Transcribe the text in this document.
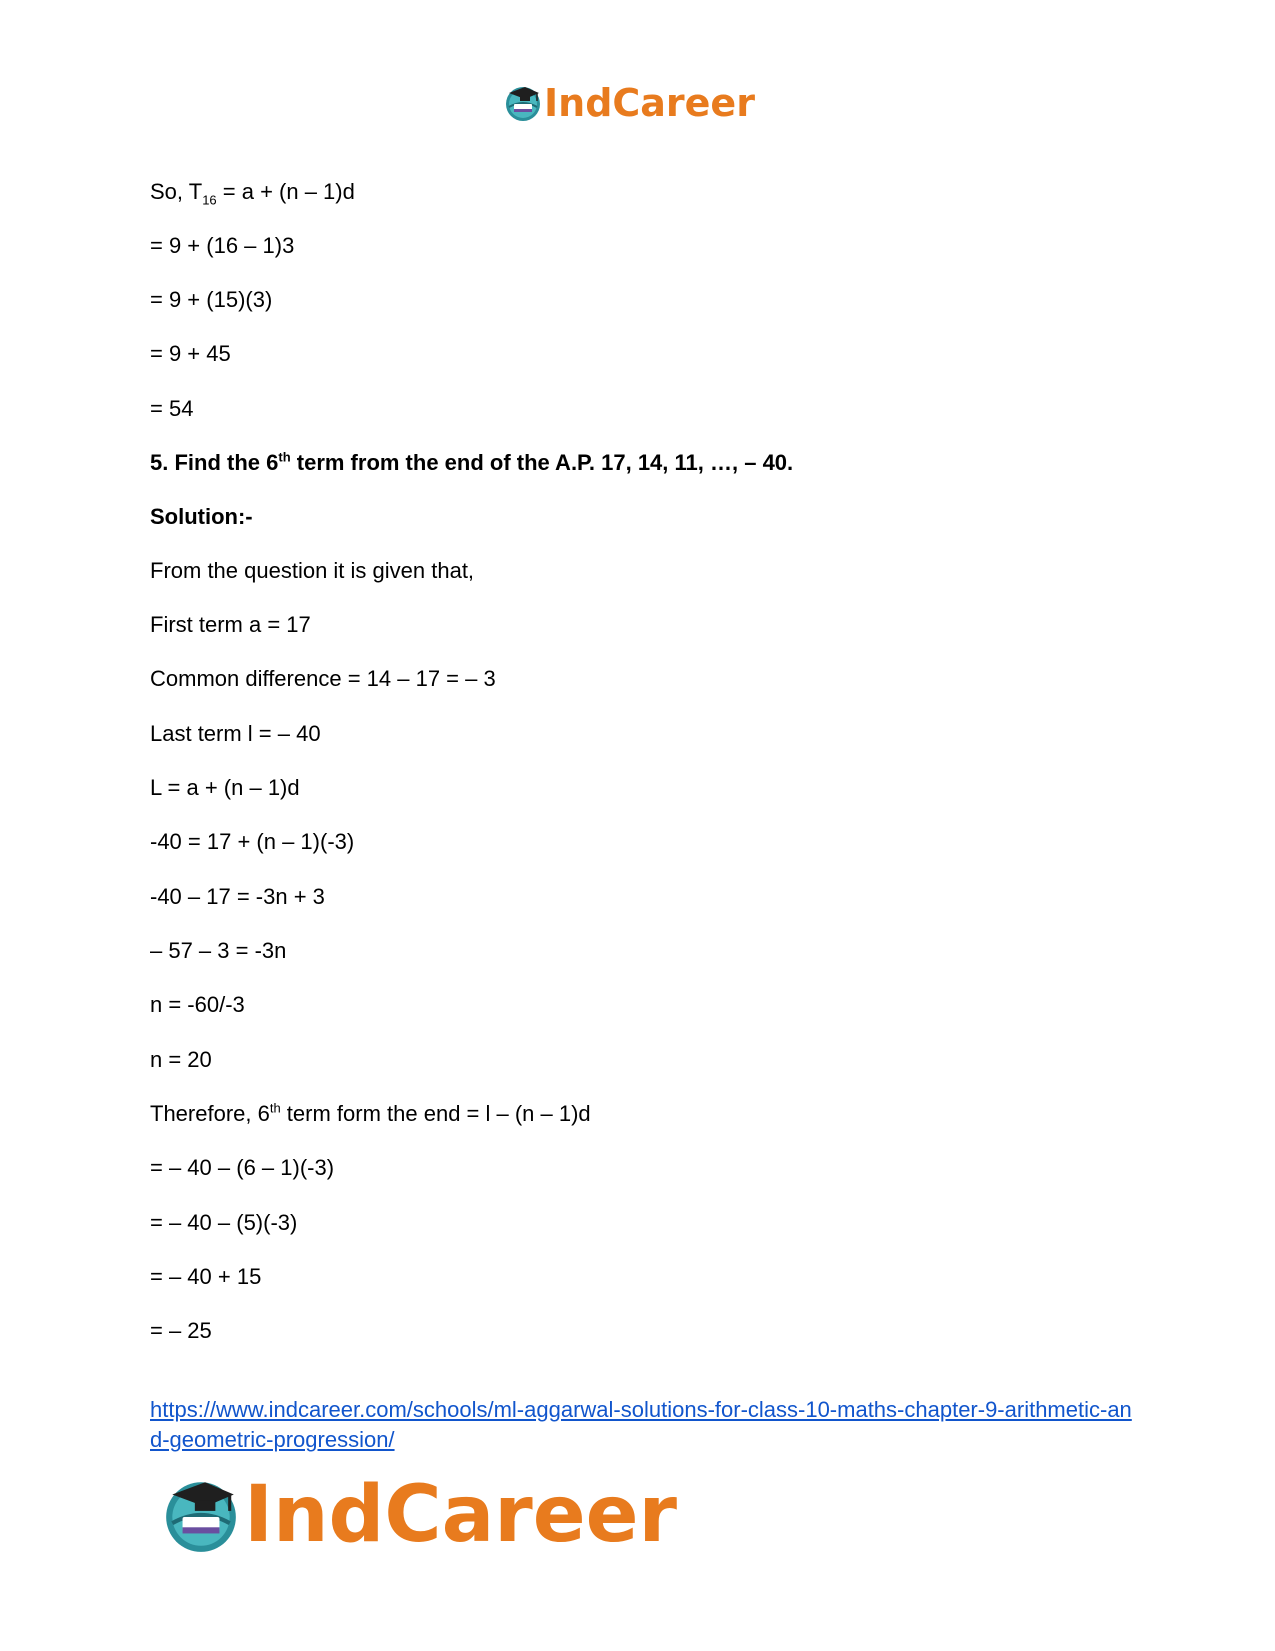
IndCareer
So, $T_{16} = a + (n - 1)d$
= 9 + (16 – 1)3
= 9 + (15)(3)
= 9 + 45
= 54
5. Find the 6th term from the end of the A.P. 17, 14, 11, …, – 40.
Solution:-
From the question it is given that,
First term a = 17
Common difference = 14 – 17 = – 3
Last term l = – 40
L = a + (n – 1)d
-40 = 17 + (n – 1)(-3)
-40 – 17 = -3n + 3
– 57 – 3 = -3n
n = -60/-3
n = 20
Therefore, 6th term form the end = l – (n – 1)d
= – 40 – (6 – 1)(-3)
= – 40 – (5)(-3)
= – 40 + 15
= – 25
https://www.indcareer.com/schools/ml-aggarwal-solutions-for-class-10-maths-chapter-9-arithmetic-and-geometric-progression/
IndCareer
